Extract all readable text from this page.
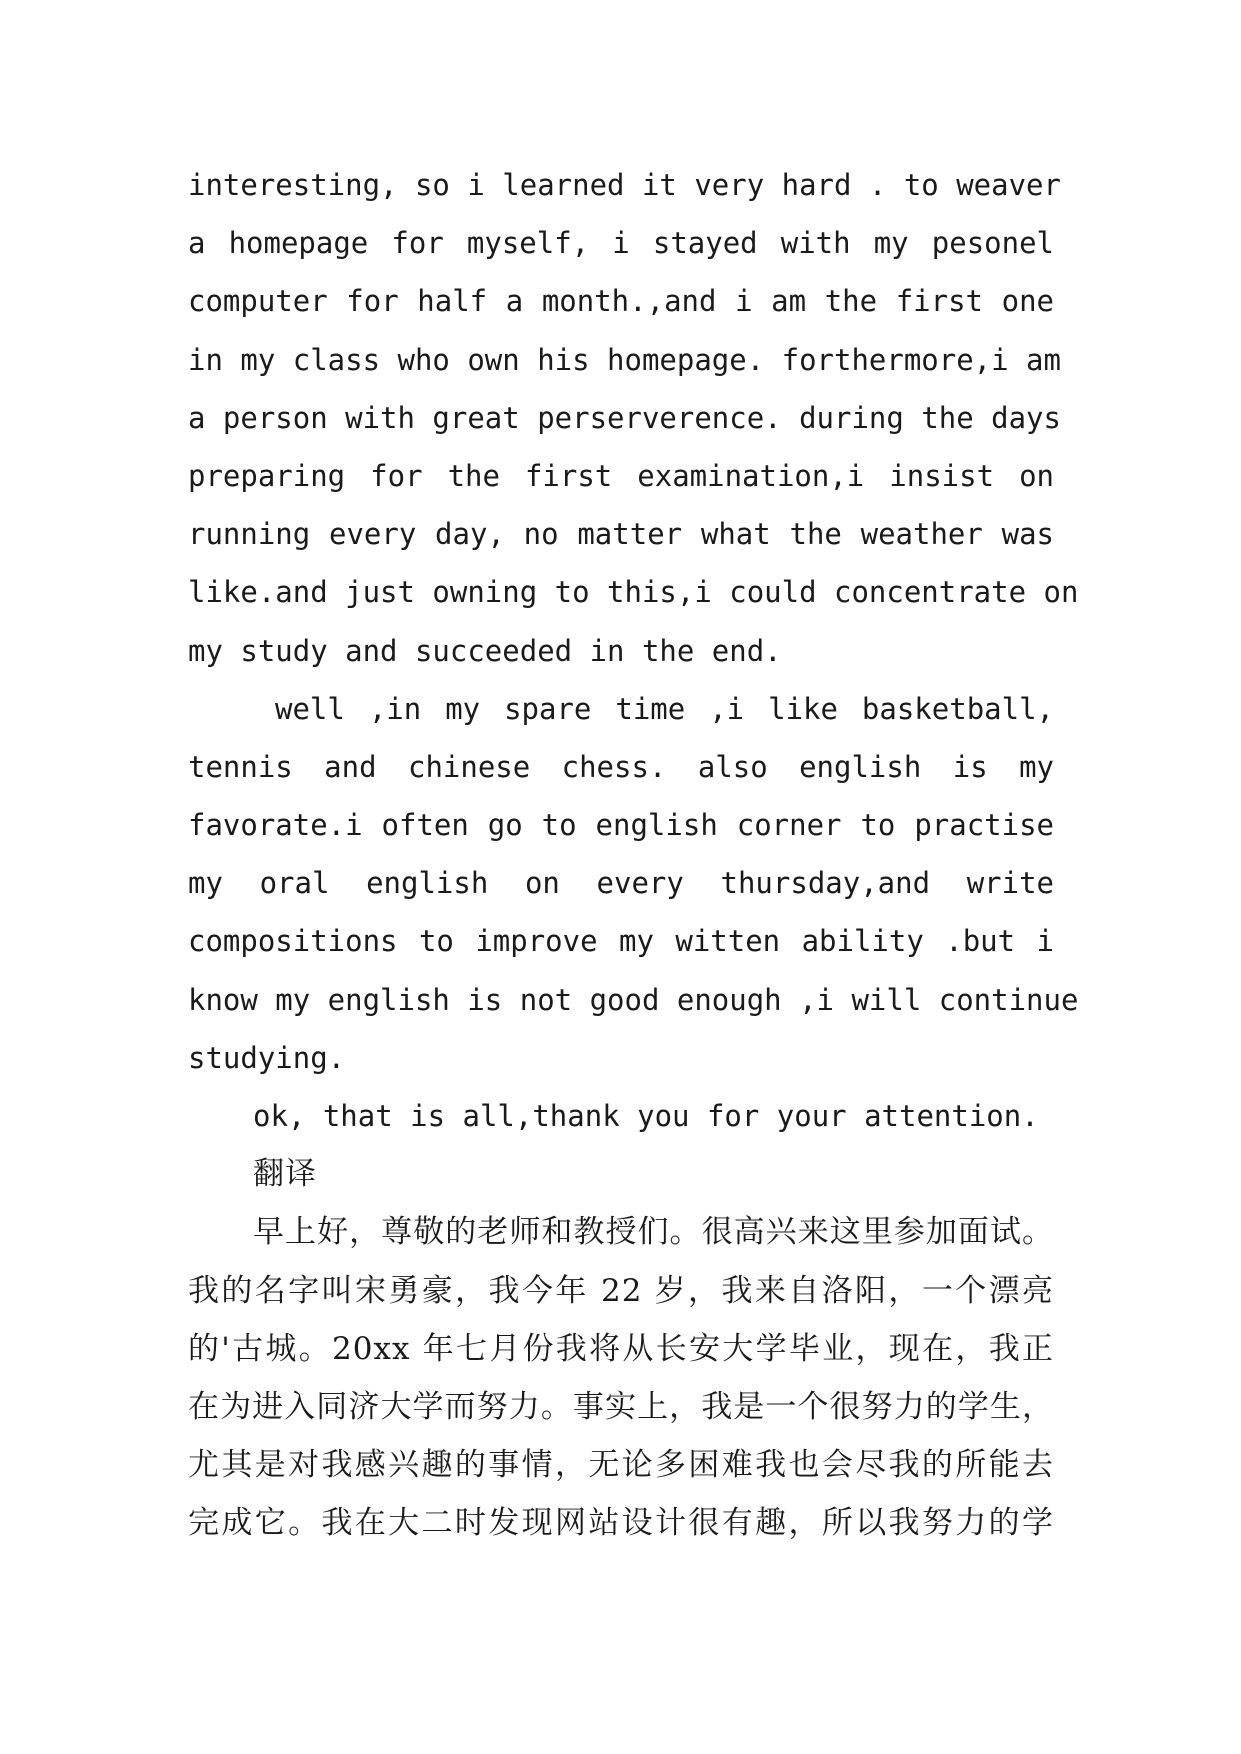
interesting, so i learned it very hard . to weaver
a homepage for myself, i stayed with my pesonel
computer for half a month.,and i am the first one
in my class who own his homepage. forthermore,i am
a person with great perserverence. during the days
preparing for the first examination,i insist on
running every day, no matter what the weather was
like.and just owning to this,i could concentrate on
my study and succeeded in the end.
well ,in my spare time ,i like basketball,
tennis and chinese chess. also english is my
favorate.i often go to english corner to practise
my oral english on every thursday,and write
compositions to improve my witten ability .but i
know my english is not good enough ,i will continue
studying.
ok, that is all,thank you for your attention.
翻译
早上好，尊敬的老师和教授们。很高兴来这里参加面试。
我的名字叫宋勇豪，我今年 22 岁，我来自洛阳，一个漂亮
的'古城。20xx 年七月份我将从长安大学毕业，现在，我正
在为进入同济大学而努力。事实上，我是一个很努力的学生，
尤其是对我感兴趣的事情，无论多困难我也会尽我的所能去
完成它。我在大二时发现网站设计很有趣，所以我努力的学
